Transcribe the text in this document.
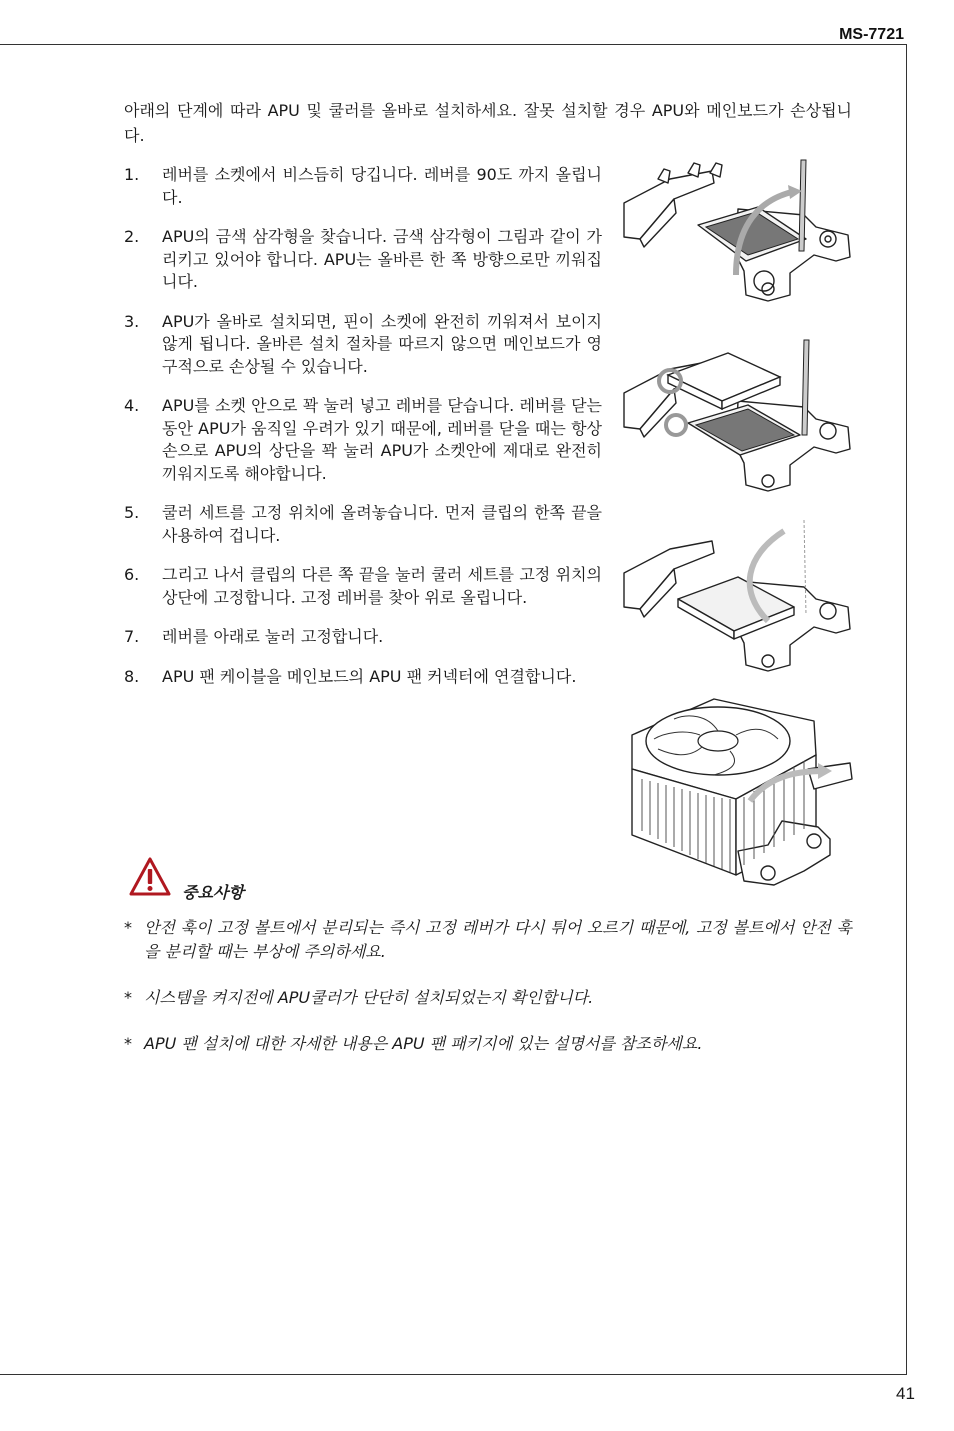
MS-7721
아래의 단계에 따라 APU 및 쿨러를 올바로 설치하세요. 잘못 설치할 경우 APU와 메인보드가 손상됩니다.
1. 레버를 소켓에서 비스듬히 당깁니다. 레버를 90도 까지 올립니다.
2. APU의 금색 삼각형을 찾습니다. 금색 삼각형이 그림과 같이 가리키고 있어야 합니다. APU는 올바른 한 쪽 방향으로만 끼워집니다.
3. APU가 올바로 설치되면, 핀이 소켓에 완전히 끼워져서 보이지 않게 됩니다. 올바른 설치 절차를 따르지 않으면 메인보드가 영구적으로 손상될 수 있습니다.
4. APU를 소켓 안으로 꽉 눌러 넣고 레버를 닫습니다. 레버를 닫는 동안 APU가 움직일 우려가 있기 때문에, 레버를 닫을 때는 항상 손으로 APU의 상단을 꽉 눌러 APU가 소켓안에 제대로 완전히 끼워지도록 해야합니다.
5. 쿨러 세트를 고정 위치에 올려놓습니다. 먼저 클립의 한쪽 끝을 사용하여 겁니다.
6. 그리고 나서 클립의 다른 쪽 끝을 눌러 쿨러 세트를 고정 위치의 상단에 고정합니다. 고정 레버를 찾아 위로 올립니다.
7. 레버를 아래로 눌러 고정합니다.
8. APU 팬 케이블을 메인보드의 APU 팬 커넥터에 연결합니다.
중요사항
* 안전 훅이 고정 볼트에서 분리되는 즉시 고정 레버가 다시 튀어 오르기 때문에, 고정 볼트에서 안전 훅을 분리할 때는 부상에 주의하세요.
* 시스템을 켜지전에 APU쿨러가 단단히 설치되었는지 확인합니다.
* APU 팬 설치에 대한 자세한 내용은 APU 팬 패키지에 있는 설명서를 참조하세요.
41
